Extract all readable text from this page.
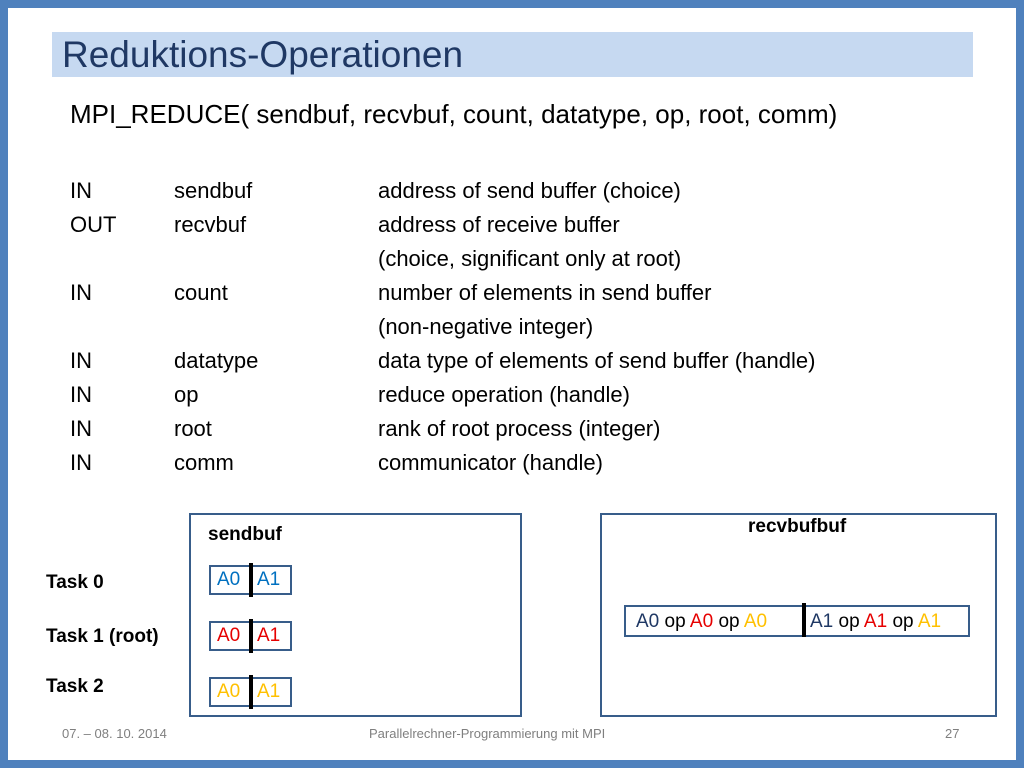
Reduktions-Operationen
MPI_REDUCE( sendbuf, recvbuf, count, datatype, op, root, comm)
IN	sendbuf	address of send buffer (choice)
OUT	recvbuf	address of receive buffer
(choice, significant only at root)
IN	count	number of elements in send buffer
(non-negative integer)
IN	datatype	data type of elements of send buffer (handle)
IN	op	reduce operation (handle)
IN	root	rank of root process (integer)
IN	comm	communicator (handle)
sendbuf
Task 0
Task 1 (root)
Task 2
A0 A1
A0 A1
A0 A1
recvbufbuf
A0 op A0 op A0 A1 op A1 op A1
07. – 08. 10. 2014	Parallelrechner-Programmierung mit MPI	27
